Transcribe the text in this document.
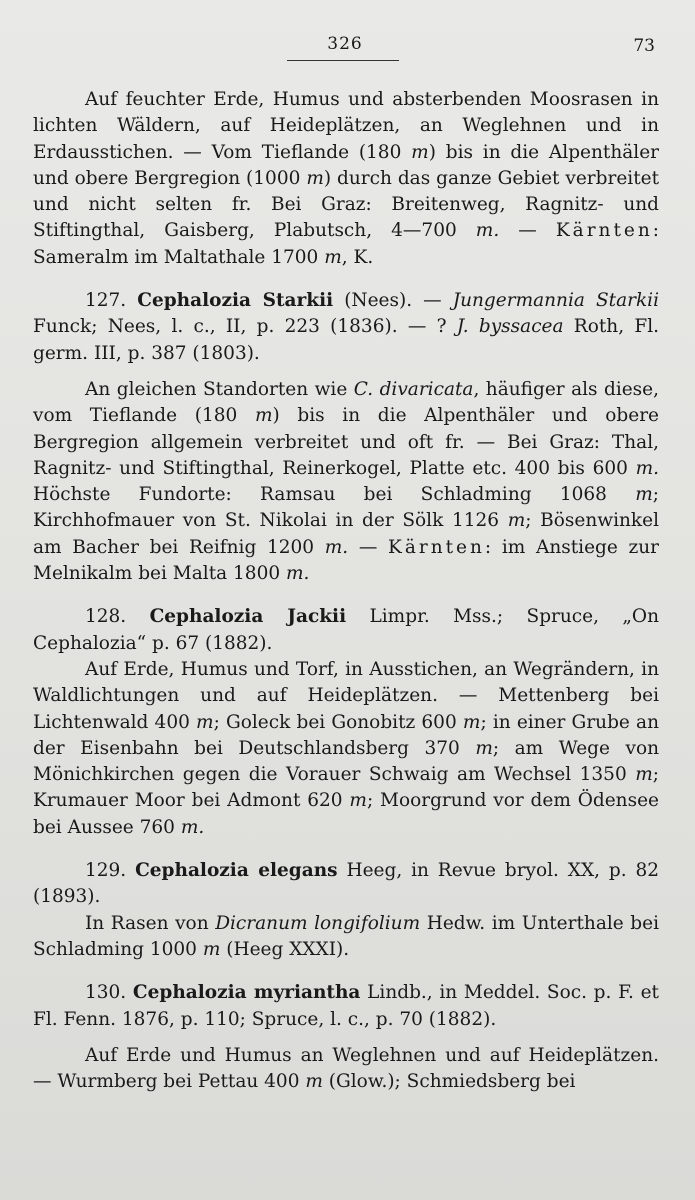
326	73

Auf feuchter Erde, Humus und absterbenden Moosrasen in lichten Wäldern, auf Heideplätzen, an Weglehnen und in Erdausstichen. — Vom Tieflande (180 m) bis in die Alpenthäler und obere Bergregion (1000 m) durch das ganze Gebiet verbreitet und nicht selten fr. Bei Graz: Breitenweg, Ragnitz- und Stiftingthal, Gaisberg, Plabutsch, 4—700 m. — Kärnten: Sameralm im Maltathale 1700 m, K.

127. Cephalozia Starkii (Nees). — Jungermannia Starkii Funck; Nees, l. c., II, p. 223 (1836). — ? J. byssacea Roth, Fl. germ. III, p. 387 (1803).

An gleichen Standorten wie C. divaricata, häufiger als diese, vom Tieflande (180 m) bis in die Alpenthäler und obere Bergregion allgemein verbreitet und oft fr. — Bei Graz: Thal, Ragnitz- und Stiftingthal, Reinerkogel, Platte etc. 400 bis 600 m. Höchste Fundorte: Ramsau bei Schladming 1068 m; Kirchhofmauer von St. Nikolai in der Sölk 1126 m; Bösenwinkel am Bacher bei Reifnig 1200 m. — Kärnten: im Anstiege zur Melnikalm bei Malta 1800 m.

128. Cephalozia Jackii Limpr. Mss.; Spruce, „On Cephalozia“ p. 67 (1882).

Auf Erde, Humus und Torf, in Ausstichen, an Wegrändern, in Waldlichtungen und auf Heideplätzen. — Mettenberg bei Lichtenwald 400 m; Goleck bei Gonobitz 600 m; in einer Grube an der Eisenbahn bei Deutschlandsberg 370 m; am Wege von Mönichkirchen gegen die Vorauer Schwaig am Wechsel 1350 m; Krumauer Moor bei Admont 620 m; Moorgrund vor dem Ödensee bei Aussee 760 m.

129. Cephalozia elegans Heeg, in Revue bryol. XX, p. 82 (1893).

In Rasen von Dicranum longifolium Hedw. im Unterthale bei Schladming 1000 m (Heeg XXXI).

130. Cephalozia myriantha Lindb., in Meddel. Soc. p. F. et Fl. Fenn. 1876, p. 110; Spruce, l. c., p. 70 (1882).

Auf Erde und Humus an Weglehnen und auf Heideplätzen. — Wurmberg bei Pettau 400 m (Glow.); Schmiedsberg bei
